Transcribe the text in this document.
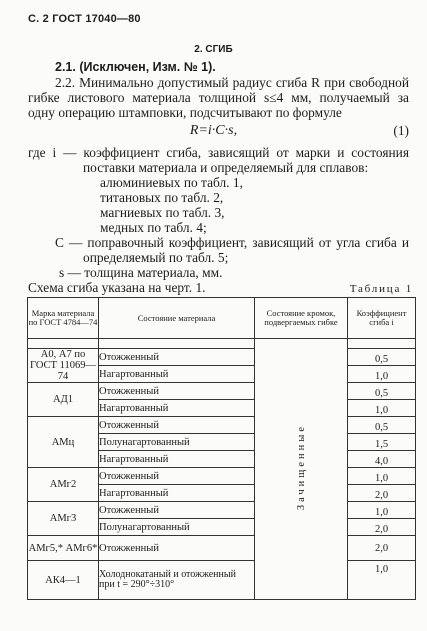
С. 2 ГОСТ 17040—80
2. СГИБ
2.1. (Исключен, Изм. № 1).
2.2. Минимально допустимый радиус сгиба R при свободной
гибке листового материала толщиной s≤4 мм, получаемый за
одну операцию штамповки, подсчитывают по формуле
R=i·C·s,	(1)
где i — коэффициент сгиба, зависящий от марки и состояния
поставки материала и определяемый для сплавов:
алюминиевых по табл. 1,
титановых по табл. 2,
магниевых по табл. 3,
медных по табл. 4;
C — поправочный коэффициент, зависящий от угла сгиба и
определяемый по табл. 5;
s — толщина материала, мм.
Схема сгиба указана на черт. 1.	Таблица 1
Марка материала по ГОСТ 4784—74	Состояние материала	Состояние кромок, подвергаемых гибке	Коэффициент сгиба i
		Зачищенные	
А0, А7 по ГОСТ 11069—74	Отожженный		0,5
	Нагартованный		1,0
АД1	Отожженный		0,5
	Нагартованный		1,0
АМц	Отожженный		0,5
	Полунагартованный		1,5
	Нагартованный		4,0
АМг2	Отожженный		1,0
	Нагартованный		2,0
АМг3	Отожженный		1,0
	Полунагартованный		2,0
АМг5,* АМг6*	Отожженный		2,0
АК4—1	Холоднокатаный и отожженный при t = 290°÷310°		1,0
